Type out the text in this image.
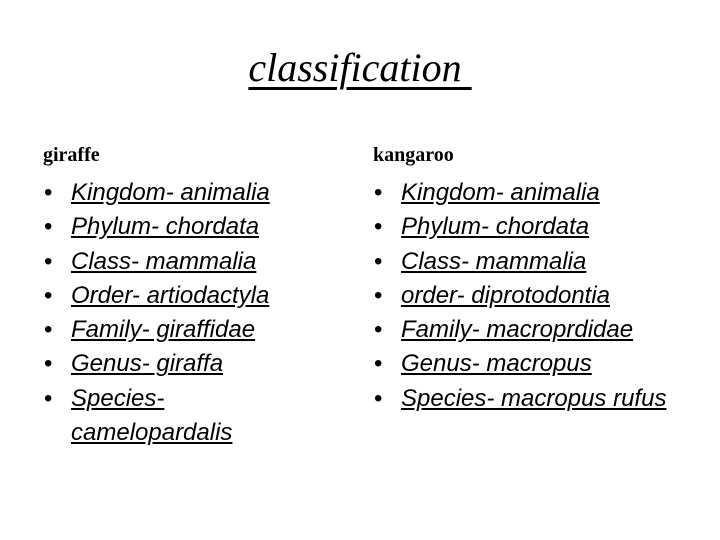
classification
giraffe
• Kingdom- animalia
• Phylum- chordata
• Class- mammalia
• Order- artiodactyla
• Family- giraffidae
• Genus- giraffa
• Species- camelopardalis
kangaroo
• Kingdom- animalia
• Phylum- chordata
• Class- mammalia
• order- diprotodontia
• Family- macroprdidae
• Genus- macropus
• Species- macropus rufus
